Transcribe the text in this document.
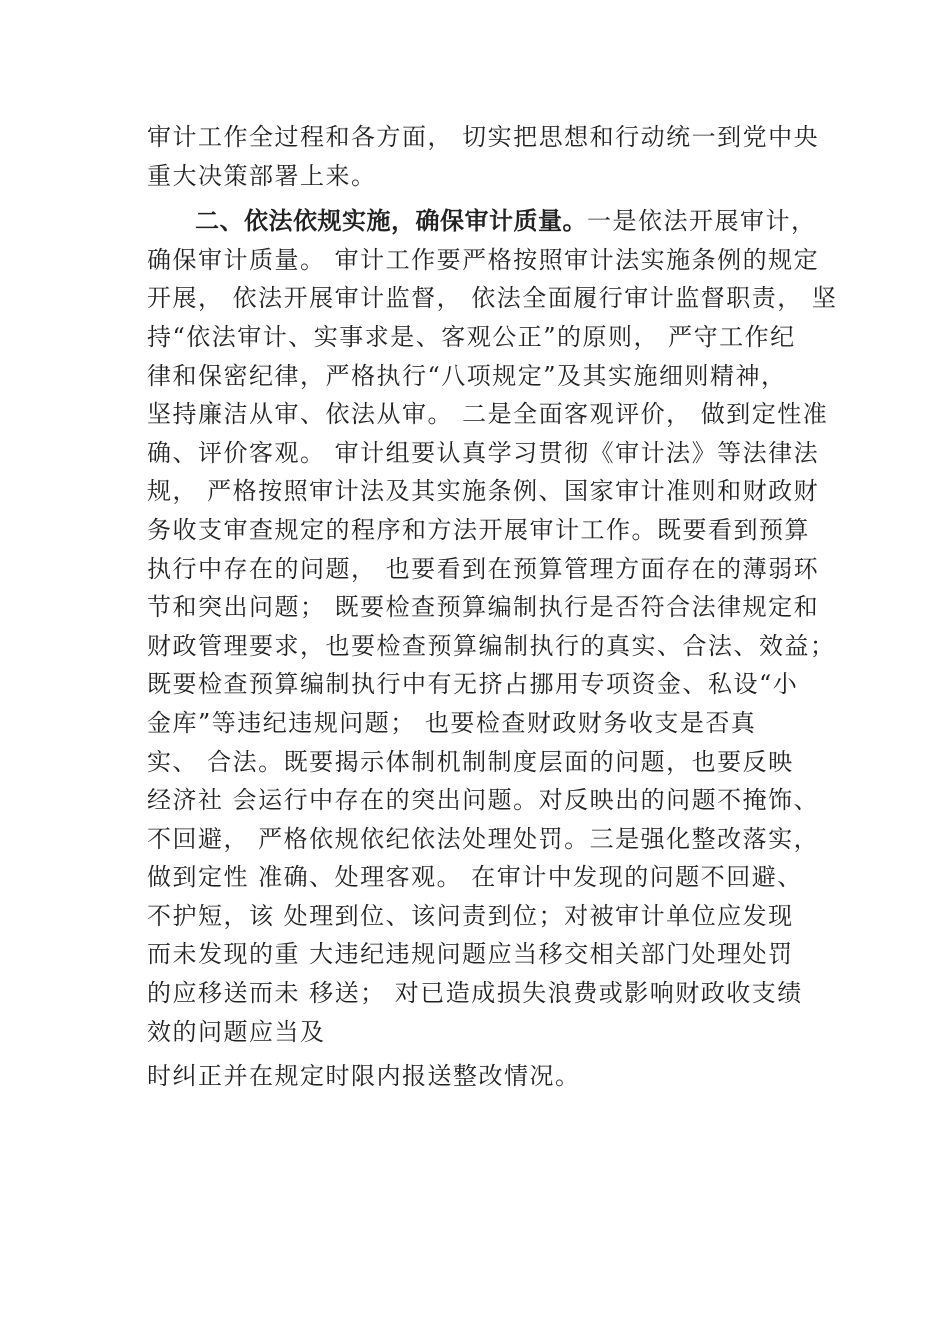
审计工作全过程和各方面， 切实把思想和行动统一到党中央
重大决策部署上来。
二、依法依规实施，确保审计质量。一是依法开展审计，
确保审计质量。 审计工作要严格按照审计法实施条例的规定
开展， 依法开展审计监督， 依法全面履行审计监督职责， 坚
持“依法审计、实事求是、客观公正”的原则， 严守工作纪
律和保密纪律，严格执行“八项规定”及其实施细则精神，
坚持廉洁从审、依法从审。 二是全面客观评价， 做到定性准
确、评价客观。 审计组要认真学习贯彻《审计法》等法律法
规， 严格按照审计法及其实施条例、国家审计准则和财政财
务收支审查规定的程序和方法开展审计工作。既要看到预算
执行中存在的问题， 也要看到在预算管理方面存在的薄弱环
节和突出问题； 既要检查预算编制执行是否符合法律规定和
财政管理要求，也要检查预算编制执行的真实、合法、效益；
既要检查预算编制执行中有无挤占挪用专项资金、私设“小
金库”等违纪违规问题； 也要检查财政财务收支是否真
实、 合法。既要揭示体制机制制度层面的问题，也要反映
经济社 会运行中存在的突出问题。对反映出的问题不掩饰、
不回避， 严格依规依纪依法处理处罚。三是强化整改落实，
做到定性 准确、处理客观。 在审计中发现的问题不回避、
不护短，该 处理到位、该问责到位；对被审计单位应发现
而未发现的重 大违纪违规问题应当移交相关部门处理处罚
的应移送而未 移送； 对已造成损失浪费或影响财政收支绩
效的问题应当及
时纠正并在规定时限内报送整改情况。
